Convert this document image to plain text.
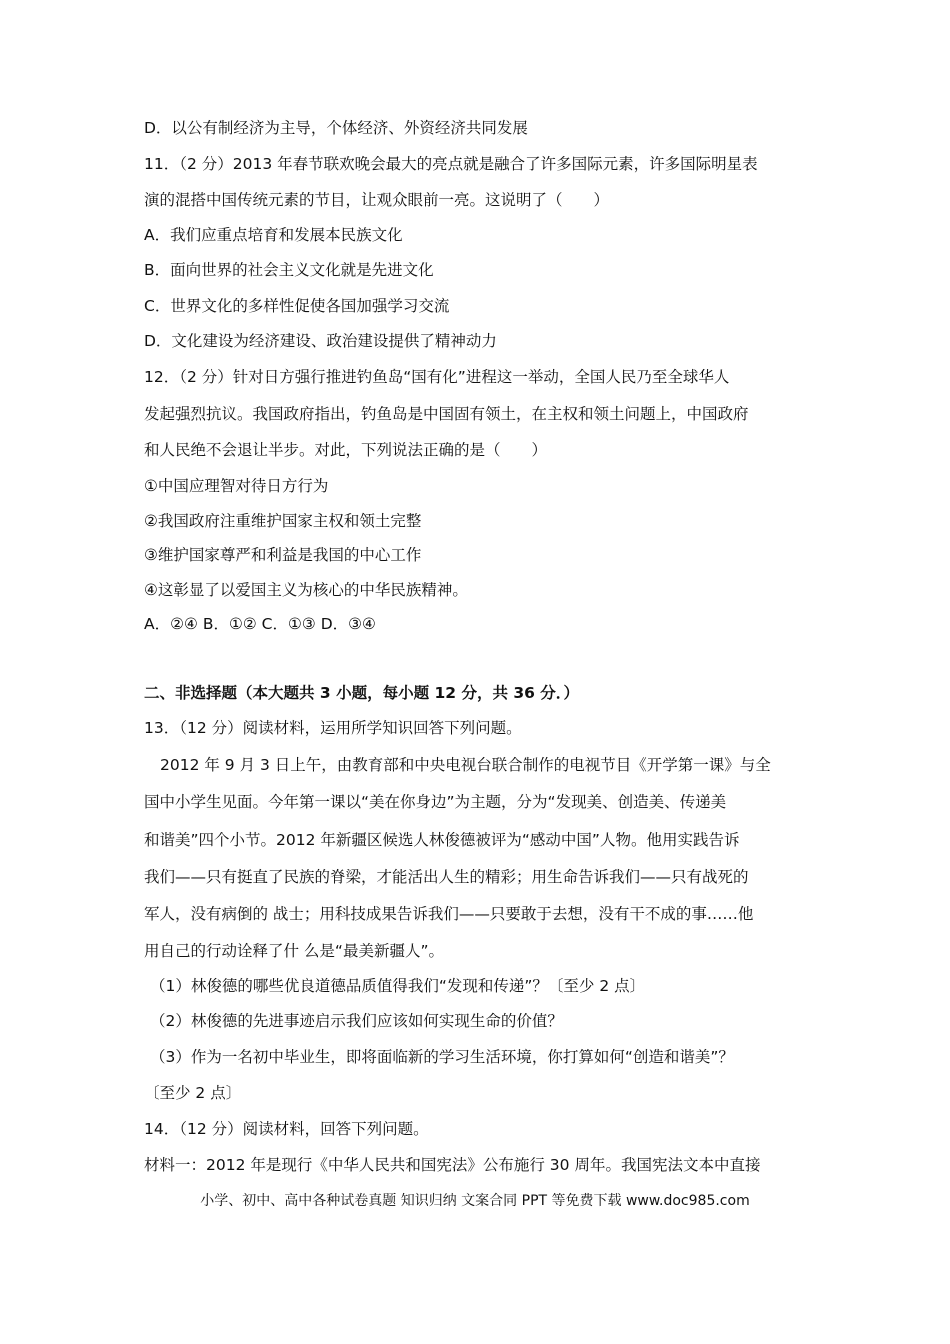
D．以公有制经济为主导，个体经济、外资经济共同发展
11．（2 分）2013 年春节联欢晚会最大的亮点就是融合了许多国际元素，许多国际明星表
演的混搭中国传统元素的节目，让观众眼前一亮。这说明了（　　）
A．我们应重点培育和发展本民族文化
B．面向世界的社会主义文化就是先进文化
C．世界文化的多样性促使各国加强学习交流
D．文化建设为经济建设、政治建设提供了精神动力
12．（2 分）针对日方强行推进钓鱼岛“国有化”进程这一举动，全国人民乃至全球华人
发起强烈抗议。我国政府指出，钓鱼岛是中国固有领土，在主权和领土问题上，中国政府
和人民绝不会退让半步。对此，下列说法正确的是（　　）
①中国应理智对待日方行为
②我国政府注重维护国家主权和领土完整
③维护国家尊严和利益是我国的中心工作
④这彰显了以爱国主义为核心的中华民族精神。
A．②④ B．①② C．①③ D．③④
二、非选择题（本大题共 3 小题，每小题 12 分，共 36 分．）
13．（12 分）阅读材料，运用所学知识回答下列问题。
2012 年 9 月 3 日上午，由教育部和中央电视台联合制作的电视节目《开学第一课》与全
国中小学生见面。今年第一课以“美在你身边”为主题，分为“发现美、创造美、传递美
和谐美”四个小节。2012 年新疆区候选人林俊德被评为“感动中国”人物。他用实践告诉
我们——只有挺直了民族的脊梁，才能活出人生的精彩；用生命告诉我们——只有战死的
军人，没有病倒的 战士；用科技成果告诉我们——只要敢于去想，没有干不成的事……他
用自己的行动诠释了什 么是“最美新疆人”。
（1）林俊德的哪些优良道德品质值得我们“发现和传递”？〔至少 2 点〕
（2）林俊德的先进事迹启示我们应该如何实现生命的价值？
（3）作为一名初中毕业生，即将面临新的学习生活环境，你打算如何“创造和谐美”？
〔至少 2 点〕
14．（12 分）阅读材料，回答下列问题。
材料一：2012 年是现行《中华人民共和国宪法》公布施行 30 周年。我国宪法文本中直接
小学、初中、高中各种试卷真题 知识归纳 文案合同 PPT 等免费下载 www.doc985.com
